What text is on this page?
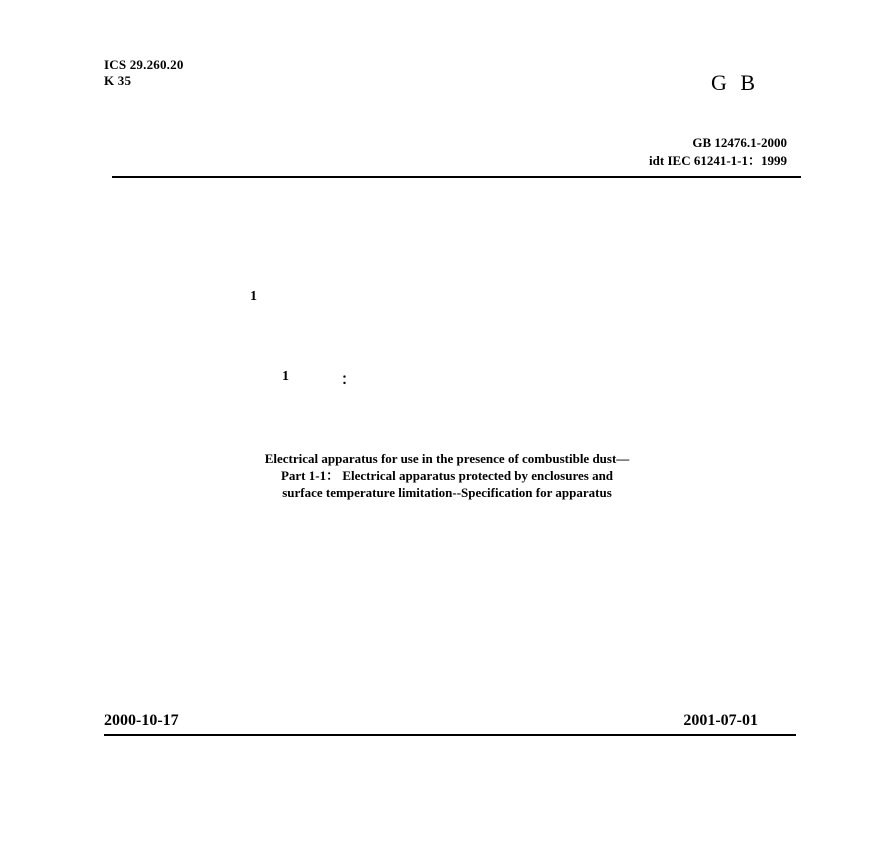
ICS 29.260.20
K 35	G B
GB 12476.1-2000
idt IEC 61241-1-1：1999
1
1	：
Electrical apparatus for use in the presence of combustible dust—
Part 1-1： Electrical apparatus protected by enclosures and
surface temperature limitation--Specification for apparatus
2000-10-17	2001-07-01
